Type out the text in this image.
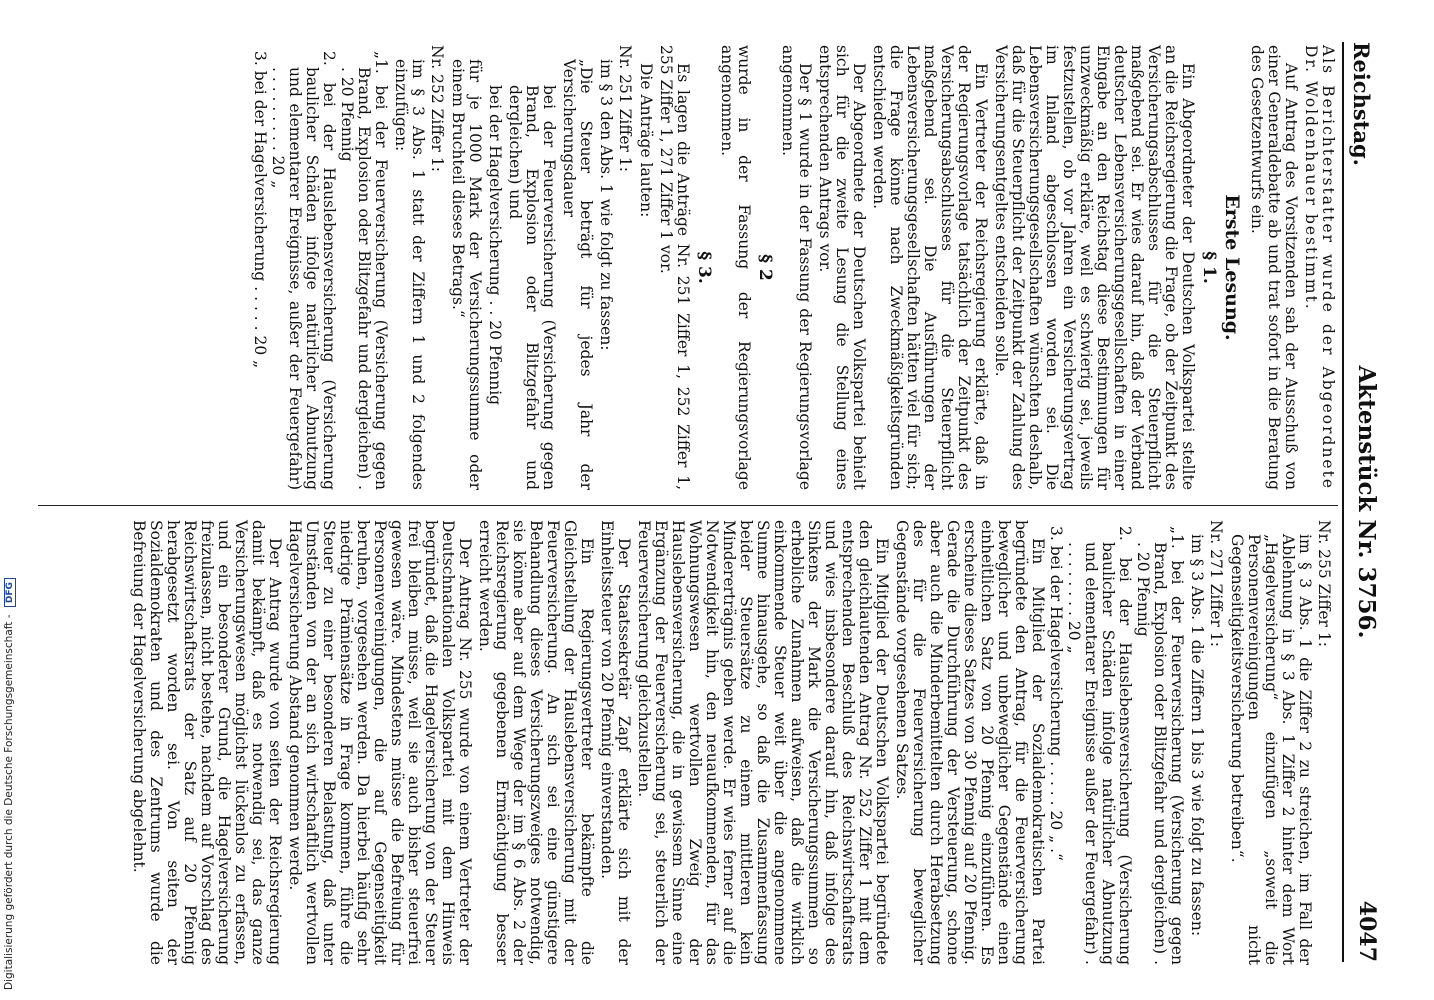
Reichstag.
Aktenstück Nr. 3756.
4047

Als Berichterstatter wurde der Abgeordnete Dr. Woldenhauer bestimmt.

Auf Antrag des Vorsitzenden sah der Ausschuß von einer Generaldebatte ab und trat sofort in die Beratung des Gesetzentwurfs ein.

Erste Lesung.

§ 1.

Ein Abgeordneter der Deutschen Volkspartei stellte an die Reichsregierung die Frage, ob der Zeitpunkt des Versicherungsabschlusses für die Steuerpflicht maßgebend sei. Er wies darauf hin, daß der Verband deutscher Lebensversicherungsgesellschaften in einer Eingabe an den Reichstag diese Bestimmungen für unzweckmäßig erkläre, weil es schwierig sei, jeweils festzustellen, ob vor Jahren ein Versicherungsvertrag im Inland abgeschlossen worden sei. Die Lebensversicherungsgesellschaften wünschten deshalb, daß für die Steuerpflicht der Zeitpunkt der Zahlung des Versicherungsentgeltes entscheiden solle.

Ein Vertreter der Reichsregierung erklärte, daß in der Regierungsvorlage tatsächlich der Zeitpunkt des Versicherungsabschlusses für die Steuerpflicht maßgebend sei. Die Ausführungen der Lebensversicherungsgesellschaften hätten viel für sich; die Frage könne nach Zweckmäßigkeitsgründen entschieden werden.

Der Abgeordnete der Deutschen Volkspartei behielt sich für die zweite Lesung die Stellung eines entsprechenden Antrags vor.

Der § 1 wurde in der Fassung der Regierungsvorlage angenommen.

§ 2

wurde in der Fassung der Regierungsvorlage angenommen.

§ 3.

Es lagen die Anträge Nr. 251 Ziffer 1, 252 Ziffer 1, 255 Ziffer 1, 271 Ziffer 1 vor.

Die Anträge lauten:

Nr. 251 Ziffer 1:

im § 3 den Abs. 1 wie folgt zu fassen:

„Die Steuer beträgt für jedes Jahr der Versicherungsdauer

bei der Feuerversicherung (Versicherung gegen Brand, Explosion oder Blitzgefahr und dergleichen) und

bei der Hagelversicherung . . 20 Pfennig

für je 1000 Mark der Versicherungssumme oder einem Bruchteil dieses Betrags.“

Nr. 252 Ziffer 1:

im § 3 Abs. 1 statt der Ziffern 1 und 2 folgendes einzufügen:

„1. bei der Feuerversicherung (Versicherung gegen Brand, Explosion oder Blitzgefahr und dergleichen) . . 20 Pfennig

2. bei der Hauslebensversicherung (Versicherung baulicher Schäden infolge natürlicher Abnutzung und elementarer Ereignisse, außer der Feuergefahr) . . . . . . . . . 20 „

3. bei der Hagelversicherung . . . . . 20 „

Nr. 255 Ziffer 1:

im § 3 Abs. 1 die Ziffer 2 zu streichen, im Fall der Ablehnung in § 3 Abs. 1 Ziffer 2 hinter dem Wort „Hagelversicherung“ einzufügen „soweit die Personenvereinigungen nicht Gegenseitigkeitsversicherung betreiben“.

Nr. 271 Ziffer 1:

im § 3 Abs. 1 die Ziffern 1 bis 3 wie folgt zu fassen:

„1. bei der Feuerversicherung (Versicherung gegen Brand, Explosion oder Blitzgefahr und dergleichen) . . 20 Pfennig

2. bei der Hauslebensversicherung (Versicherung baulicher Schäden infolge natürlicher Abnutzung und elementarer Ereignisse außer der Feuergefahr) . . . . . . . . . 20 „

3. bei der Hagelversicherung . . . . . 20 „ .“

Ein Mitglied der Sozialdemokratischen Partei begründete den Antrag, für die Feuerversicherung beweglicher und unbeweglicher Gegenstände einen einheitlichen Satz von 20 Pfennig einzuführen. Es erscheine dieses Satzes von 30 Pfennig auf 20 Pfennig. Gerade die Durchführung der Versteuerung, schone aber auch die Minderbemittelten durch Herabsetzung des für die Feuerversicherung beweglicher Gegenstände vorgesehenen Satzes.

Ein Mitglied der Deutschen Volkspartei begründete den gleichlautenden Antrag Nr. 252 Ziffer 1 mit dem entsprechenden Beschluß des Reichswirtschaftsrats und wies insbesondere darauf hin, daß infolge des Sinkens der Mark die Versicherungssummen so erhebliche Zunahmen aufweisen, daß die wirklich einkommende Steuer weit über die angenommene Summe hinausgehe, so daß die Zusammenfassung beider Steuersätze zu einem mittleren kein Mindererträgnis geben werde. Er wies ferner auf die Notwendigkeit hin, den neuaufkommenden, für das Wohnungswesen wertvollen Zweig der Hauslebensversicherung, die in gewissem Sinne eine Ergänzung der Feuerversicherung sei, steuerlich der Feuerversicherung gleichzustellen.

Der Staatssekretär Zapf erklärte sich mit der Einheitssteuer von 20 Pfennig einverstanden.

Ein Regierungsvertreter bekämpfte die Gleichstellung der Hauslebensversicherung mit der Feuerversicherung. An sich sei eine günstigere Behandlung dieses Versicherungszweiges notwendig, sie könne aber auf dem Wege der im § 6 Abs. 2 der Reichsregierung gegebenen Ermächtigung besser erreicht werden.

Der Antrag Nr. 255 wurde von einem Vertreter der Deutschnationalen Volkspartei mit dem Hinweis begründet, daß die Hagelversicherung von der Steuer frei bleiben müsse, weil sie auch bisher steuerfrei gewesen wäre. Mindestens müsse die Befreiung für Personenvereinigungen, die auf Gegenseitigkeit beruhen, vorgesehen werden. Da hierbei häufig sehr niedrige Prämiensätze in Frage kommen, führe die Steuer zu einer besonderen Belastung, daß unter Umständen von der an sich wirtschaftlich wertvollen Hagelversicherung Abstand genommen werde.

Der Antrag wurde von seiten der Reichsregierung damit bekämpft, daß es notwendig sei, das ganze Versicherungswesen möglichst lückenlos zu erfassen, und ein besonderer Grund, die Hagelversicherung freizulassen, nicht bestehe, nachdem auf Vorschlag des Reichswirtschaftsrats der Satz auf 20 Pfennig herabgesetzt worden sei. Von seiten der Sozialdemokraten und des Zentrums wurde die Befreiung der Hagelversicherung abgelehnt.

Digitalisierung gefördert durch die Deutsche Forschungsgemeinschaft - DFG
